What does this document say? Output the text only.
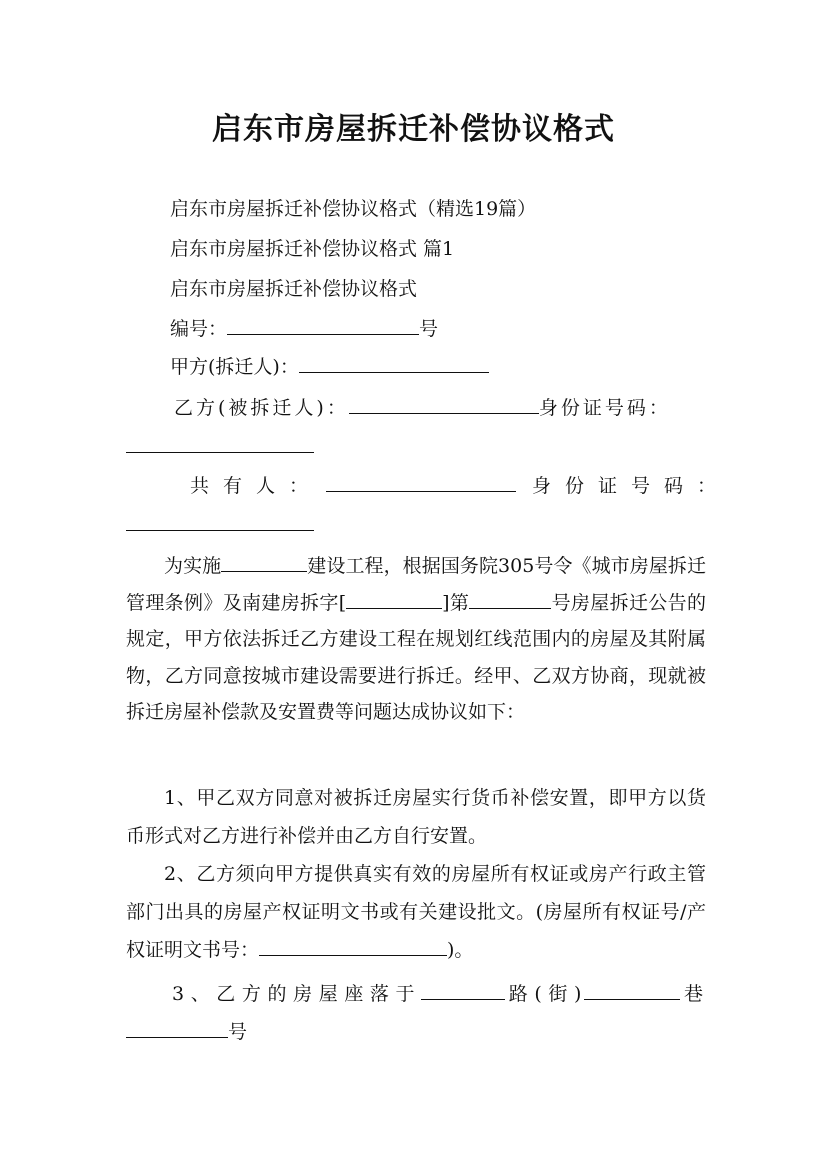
启东市房屋拆迁补偿协议格式
启东市房屋拆迁补偿协议格式（精选19篇）
启东市房屋拆迁补偿协议格式 篇1
启东市房屋拆迁补偿协议格式
编号：	号
甲方(拆迁人)：
乙方(被拆迁人)：	身份证号码：
共有人：	身份证号码：
为实施	建设工程，根据国务院305号令《城市房屋拆迁管理条例》及南建房拆字[	]第	号房屋拆迁公告的规定，甲方依法拆迁乙方建设工程在规划红线范围内的房屋及其附属物，乙方同意按城市建设需要进行拆迁。经甲、乙双方协商，现就被拆迁房屋补偿款及安置费等问题达成协议如下：
1、甲乙双方同意对被拆迁房屋实行货币补偿安置，即甲方以货币形式对乙方进行补偿并由乙方自行安置。
2、乙方须向甲方提供真实有效的房屋所有权证或房产行政主管部门出具的房屋产权证明文书或有关建设批文。(房屋所有权证号/产权证明文书号：	)。
3、乙方的房屋座落于	路(街)	巷号
